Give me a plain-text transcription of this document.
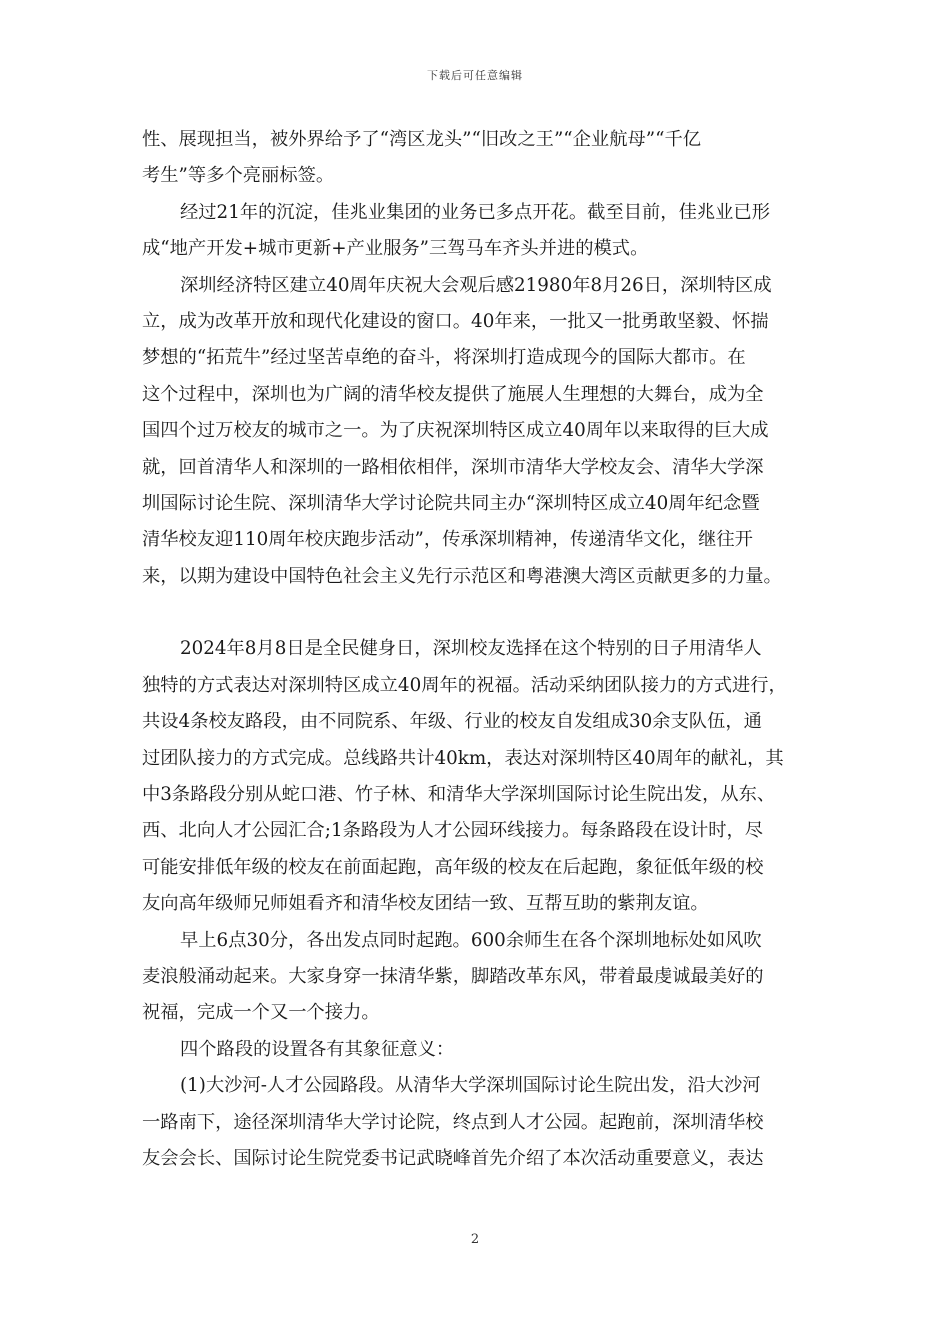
下载后可任意编辑
性、展现担当，被外界给予了“湾区龙头”“旧改之王”“企业航母”“千亿
考生”等多个亮丽标签。
经过21年的沉淀，佳兆业集团的业务已多点开花。截至目前，佳兆业已形
成“地产开发+城市更新+产业服务”三驾马车齐头并进的模式。
深圳经济特区建立40周年庆祝大会观后感21980年8月26日，深圳特区成
立，成为改革开放和现代化建设的窗口。40年来，一批又一批勇敢坚毅、怀揣
梦想的“拓荒牛”经过坚苦卓绝的奋斗，将深圳打造成现今的国际大都市。在
这个过程中，深圳也为广阔的清华校友提供了施展人生理想的大舞台，成为全
国四个过万校友的城市之一。为了庆祝深圳特区成立40周年以来取得的巨大成
就，回首清华人和深圳的一路相依相伴，深圳市清华大学校友会、清华大学深
圳国际讨论生院、深圳清华大学讨论院共同主办“深圳特区成立40周年纪念暨
清华校友迎110周年校庆跑步活动”，传承深圳精神，传递清华文化，继往开
来，以期为建设中国特色社会主义先行示范区和粤港澳大湾区贡献更多的力量。
2024年8月8日是全民健身日，深圳校友选择在这个特别的日子用清华人
独特的方式表达对深圳特区成立40周年的祝福。活动采纳团队接力的方式进行，
共设4条校友路段，由不同院系、年级、行业的校友自发组成30余支队伍，通
过团队接力的方式完成。总线路共计40km，表达对深圳特区40周年的献礼，其
中3条路段分别从蛇口港、竹子林、和清华大学深圳国际讨论生院出发，从东、
西、北向人才公园汇合;1条路段为人才公园环线接力。每条路段在设计时，尽
可能安排低年级的校友在前面起跑，高年级的校友在后起跑，象征低年级的校
友向高年级师兄师姐看齐和清华校友团结一致、互帮互助的紫荆友谊。
早上6点30分，各出发点同时起跑。600余师生在各个深圳地标处如风吹
麦浪般涌动起来。大家身穿一抹清华紫，脚踏改革东风，带着最虔诚最美好的
祝福，完成一个又一个接力。
四个路段的设置各有其象征意义：
(1)大沙河-人才公园路段。从清华大学深圳国际讨论生院出发，沿大沙河
一路南下，途径深圳清华大学讨论院，终点到人才公园。起跑前，深圳清华校
友会会长、国际讨论生院党委书记武晓峰首先介绍了本次活动重要意义，表达
2
